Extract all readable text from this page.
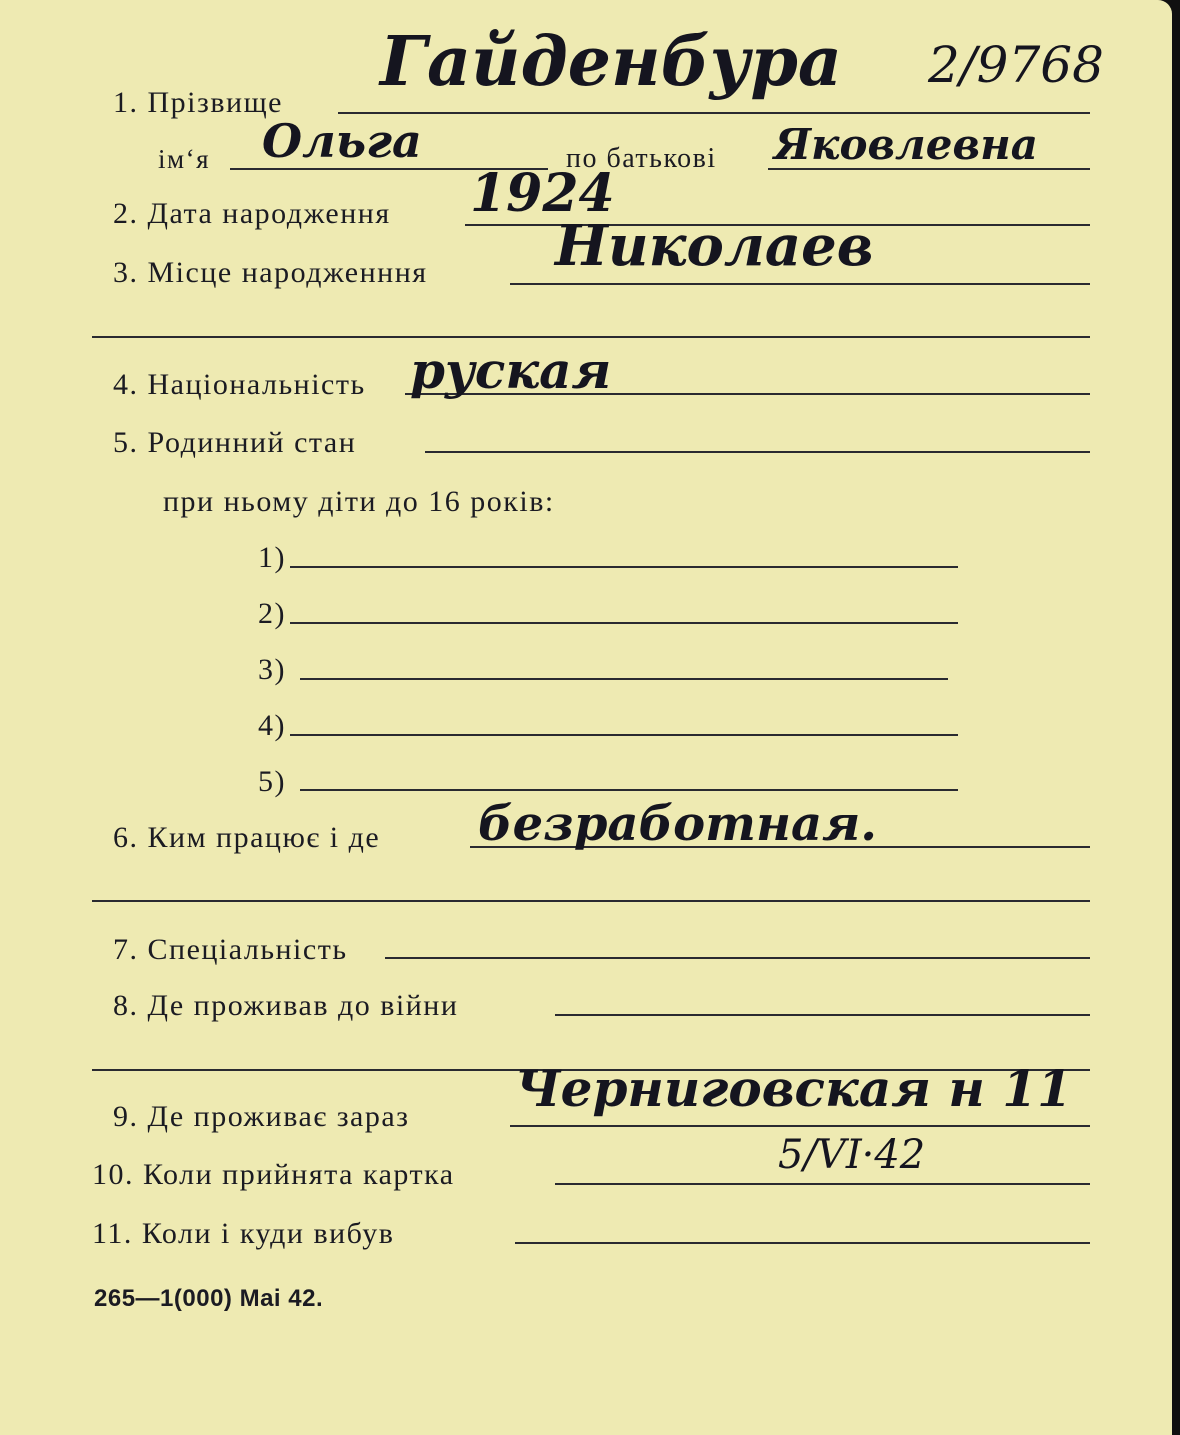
1. Прізвище
Гайденбура 2/9768
ім‘я Ольга	по батькові Яковлевна
2. Дата народження 1924
3. Місце народженння Николаев
4. Національність руская
5. Родинний стан
при ньому діти до 16 років:
1)
2)
3)
4)
5)
6. Ким працює і де безработная.
7. Спеціальність
8. Де проживав до війни
9. Де проживає зараз Черниговская н 11
10. Коли прийнята картка	5/VI·42
11. Коли і куди вибув
265—1(000) Mai 42.
